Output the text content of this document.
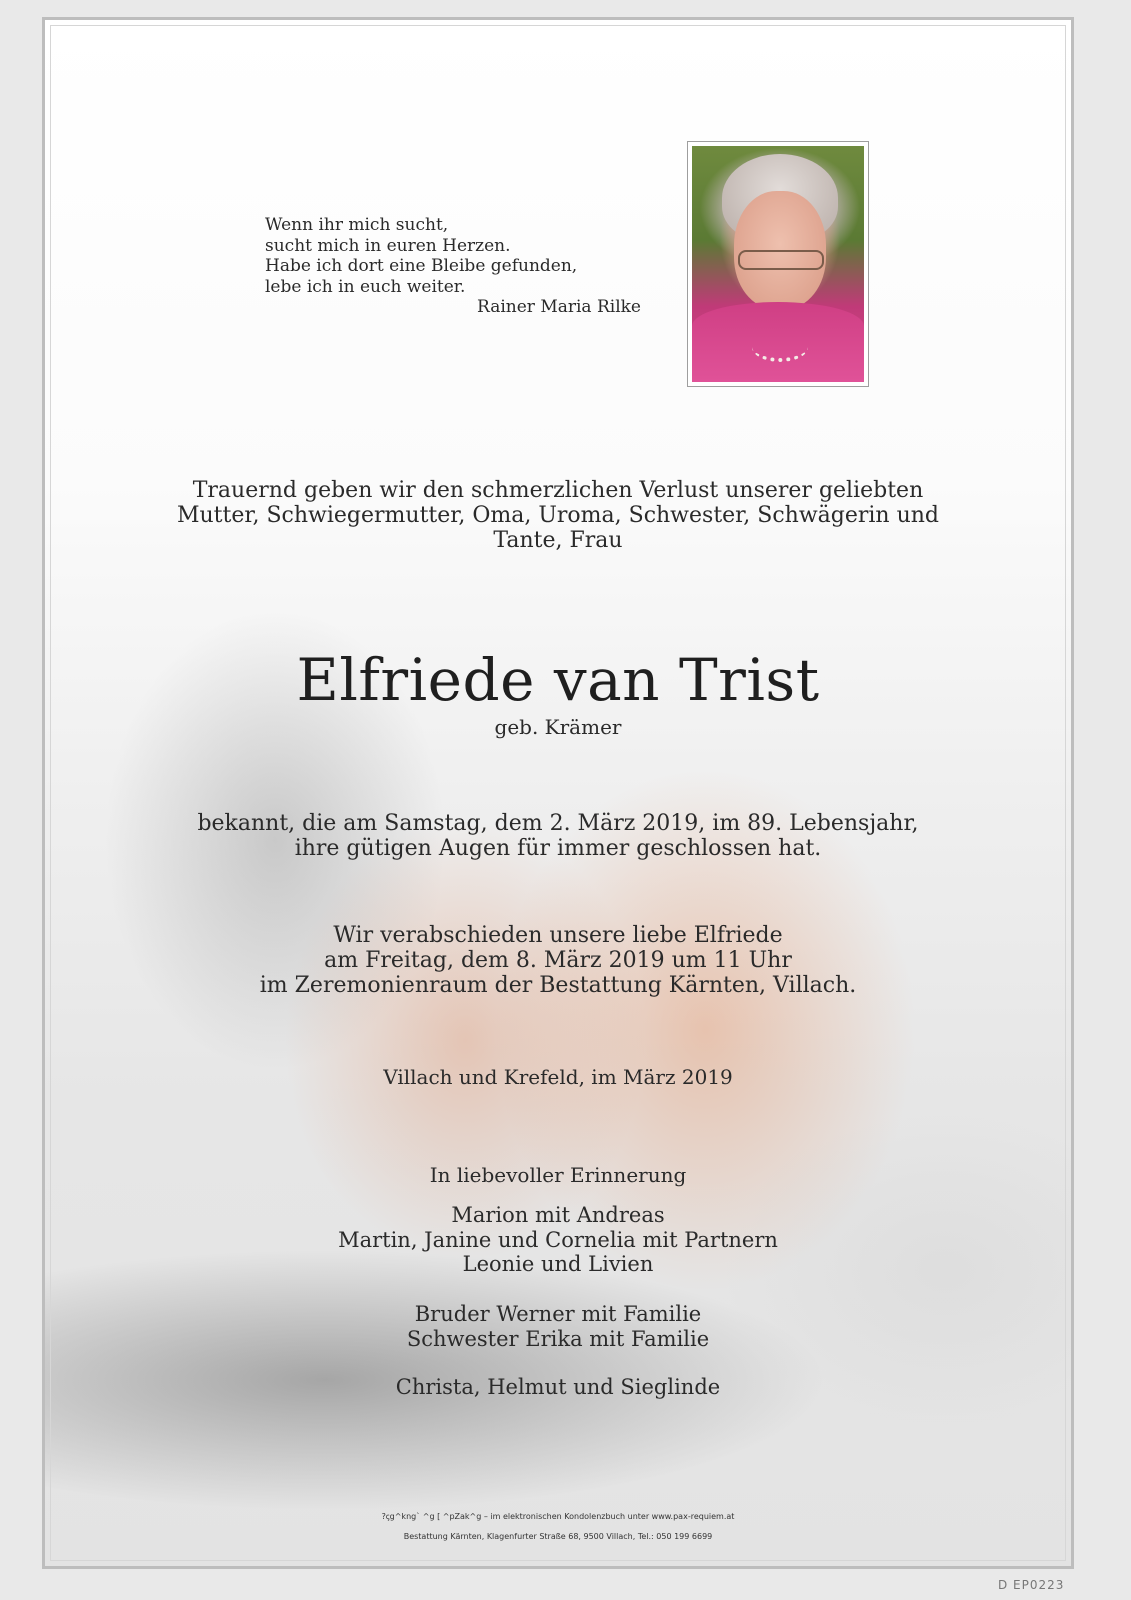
Wenn ihr mich sucht,
sucht mich in euren Herzen.
Habe ich dort eine Bleibe gefunden,
lebe ich in euch weiter.
Rainer Maria Rilke
Trauernd geben wir den schmerzlichen Verlust unserer geliebten
Mutter, Schwiegermutter, Oma, Uroma, Schwester, Schwägerin und
Tante, Frau
Elfriede van Trist
geb. Krämer
bekannt, die am Samstag, dem 2. März 2019, im 89. Lebensjahr,
ihre gütigen Augen für immer geschlossen hat.
Wir verabschieden unsere liebe Elfriede
am Freitag, dem 8. März 2019 um 11 Uhr
im Zeremonienraum der Bestattung Kärnten, Villach.
Villach und Krefeld, im März 2019
In liebevoller Erinnerung
Marion mit Andreas
Martin, Janine und Cornelia mit Partnern
Leonie und Livien
Bruder Werner mit Familie
Schwester Erika mit Familie
Christa, Helmut und Sieglinde
?ꞔg^kng` ^g [ ^pZak^g – im elektronischen Kondolenzbuch unter www.pax-requiem.at
Bestattung Kärnten, Klagenfurter Straße 68, 9500 Villach, Tel.: 050 199 6699
D EP0223
